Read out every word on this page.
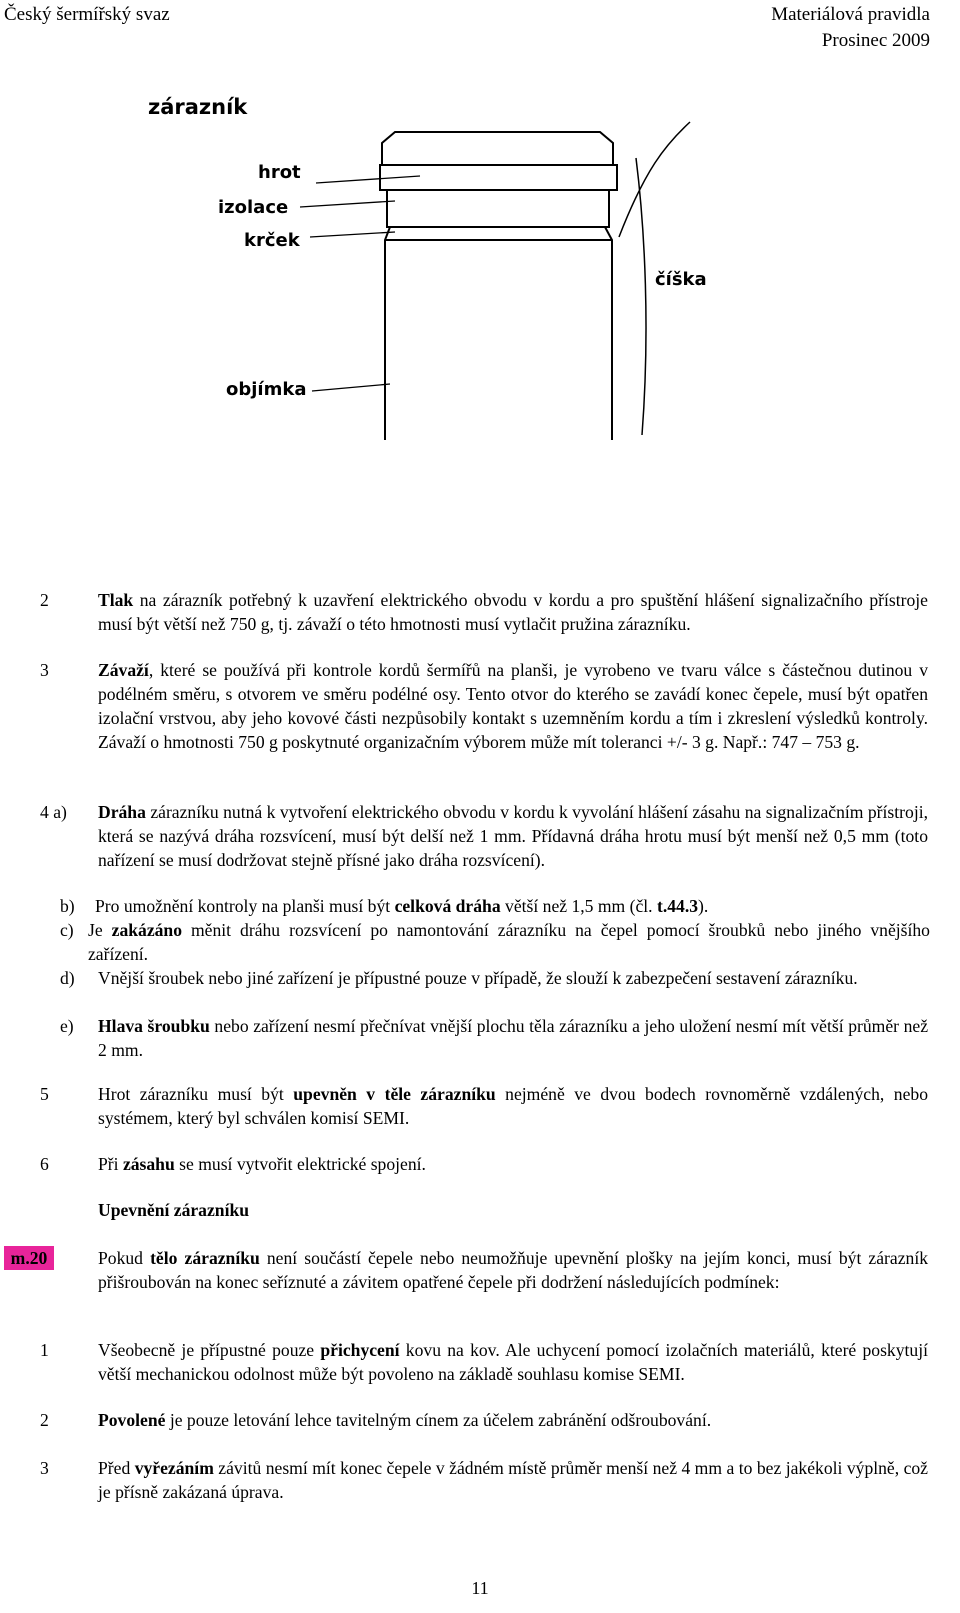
Český šermířský svaz	Materiálová pravidla
Prosinec 2009
zárazník
hrot
izolace
krček
objímka
číška
2	Tlak na zárazník potřebný k uzavření elektrického obvodu v kordu a pro spuštění hlášení signalizačního přístroje musí být větší než 750 g, tj. závaží o této hmotnosti musí vytlačit pružina zárazníku.
3	Závaží, které se používá při kontrole kordů šermířů na planši, je vyrobeno ve tvaru válce s částečnou dutinou v podélném směru, s otvorem ve směru podélné osy. Tento otvor do kterého se zavádí konec čepele, musí být opatřen izolační vrstvou, aby jeho kovové části nezpůsobily kontakt s uzemněním kordu a tím i zkreslení výsledků kontroly. Závaží o hmotnosti 750 g poskytnuté organizačním výborem může mít toleranci +/- 3 g. Např.: 747 – 753 g.
4 a) Dráha zárazníku nutná k vytvoření elektrického obvodu v kordu k vyvolání hlášení zásahu na signalizačním přístroji, která se nazývá dráha rozsvícení, musí být delší než 1 mm. Přídavná dráha hrotu musí být menší než 0,5 mm (toto nařízení se musí dodržovat stejně přísné jako dráha rozsvícení).
b) Pro umožnění kontroly na planši musí být celková dráha větší než 1,5 mm (čl. t.44.3).
c) Je zakázáno měnit dráhu rozsvícení po namontování zárazníku na čepel pomocí šroubků nebo jiného vnějšího zařízení.
d) Vnější šroubek nebo jiné zařízení je přípustné pouze v případě, že slouží k zabezpečení sestavení zárazníku.
e) Hlava šroubku nebo zařízení nesmí přečnívat vnější plochu těla zárazníku a jeho uložení nesmí mít větší průměr než 2 mm.
5	Hrot zárazníku musí být upevněn v těle zárazníku nejméně ve dvou bodech rovnoměrně vzdálených, nebo systémem, který byl schválen komisí SEMI.
6	Při zásahu se musí vytvořit elektrické spojení.
Upevnění zárazníku
m.20	Pokud tělo zárazníku není součástí čepele nebo neumožňuje upevnění plošky na jejím konci, musí být zárazník přišroubován na konec seříznuté a závitem opatřené čepele při dodržení následujících podmínek:
1	Všeobecně je přípustné pouze přichycení kovu na kov. Ale uchycení pomocí izolačních materiálů, které poskytují větší mechanickou odolnost může být povoleno na základě souhlasu komise SEMI.
2	Povolené je pouze letování lehce tavitelným cínem za účelem zabránění odšroubování.
3	Před vyřezáním závitů nesmí mít konec čepele v žádném místě průměr menší než 4 mm a to bez jakékoli výplně, což je přísně zakázaná úprava.
11
